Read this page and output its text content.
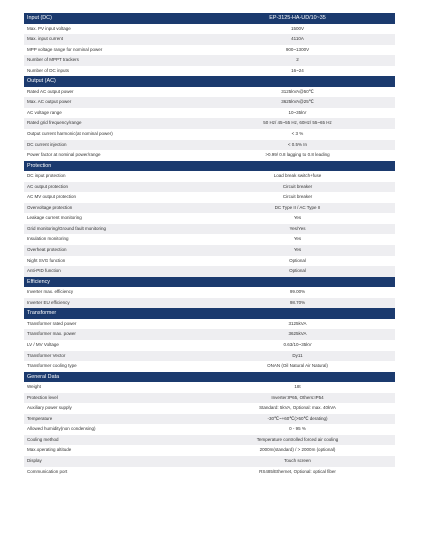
Input (DC)	EP-3125-HA-UD/10~35
Max. PV input voltage	1500V
Max. input current	4110A
MPP voltage range for nominal power	900~1300V
Number of MPPT trackers	2
Number of DC inputs	16~24
Output (AC)
Rated AC output power	3125kVA@50℃
Max. AC output power	3625kVA@25℃
AC voltage range	10~35kV
Rated grid frequency/range	50 Hz/ 45~55 Hz, 60Hz/ 55~65 Hz
Output current harmonic(at nominal power)	< 3 %
DC current injection	< 0.5% In
Power factor at nominal power/range	>0.99/ 0.8 lagging to 0.8 leading
Protection
DC input protection	Load break switch+fuse
AC output protection	Circuit breaker
AC MV output protection	Circuit breaker
Overvoltage protection	DC Type II / AC Type II
Leakage current monitoring	Yes
Grid monitoring/Ground fault monitoring	Yes/Yes
Insulation monitoring	Yes
Overheat protection	Yes
Night SVG function	Optional
Anti-PID function	Optional
Efficiency
Inverter max. efficiency	99.00%
Inverter EU efficiency	98.70%
Transformer
Transformer rated power	3125kVA
Transformer max. power	3625kVA
LV / MV Voltage	0.63/10~35kV
Transformer Vector	Dy11
Transformer cooling type	ONAN (Oil Natural Air Natural)
General Data
Weight	18t
Protection level	Inverter:IP65, Others:IP54
Auxiliary power supply	Standard: 5kVA, Optional: max. 40kVA
Temperature	-30℃~+60℃(>50℃ derating)
Allowed humidity(non condensing)	0 - 95 %
Cooling method	Temperature controlled forced air cooling
Max.operating altitude	2000m(standard) / > 2000m (optional)
Display	Touch screen
Communication port	RS485/Ethernet, Optional: optical fiber
